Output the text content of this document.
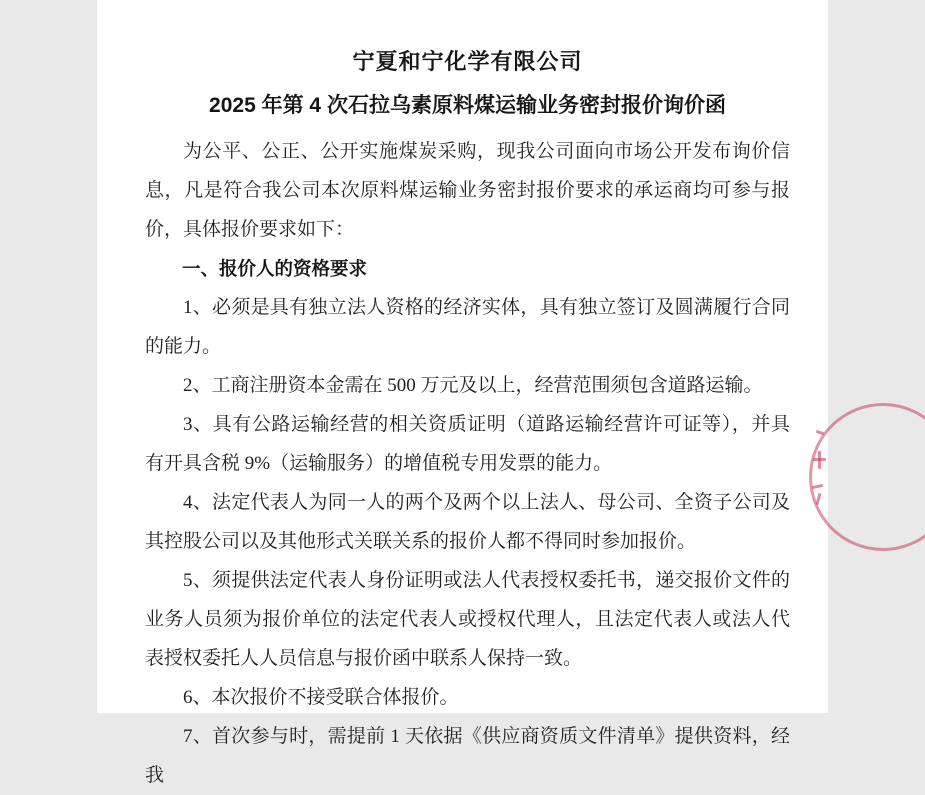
宁夏和宁化学有限公司
2025 年第 4 次石拉乌素原料煤运输业务密封报价询价函

为公平、公正、公开实施煤炭采购，现我公司面向市场公开发布询价信息，凡是符合我公司本次原料煤运输业务密封报价要求的承运商均可参与报价，具体报价要求如下：

一、报价人的资格要求

1、必须是具有独立法人资格的经济实体，具有独立签订及圆满履行合同的能力。

2、工商注册资本金需在 500 万元及以上，经营范围须包含道路运输。

3、具有公路运输经营的相关资质证明（道路运输经营许可证等），并具有开具含税 9%（运输服务）的增值税专用发票的能力。

4、法定代表人为同一人的两个及两个以上法人、母公司、全资子公司及其控股公司以及其他形式关联关系的报价人都不得同时参加报价。

5、须提供法定代表人身份证明或法人代表授权委托书，递交报价文件的业务人员须为报价单位的法定代表人或授权代理人，且法定代表人或法人代表授权委托人人员信息与报价函中联系人保持一致。

6、本次报价不接受联合体报价。

7、首次参与时，需提前 1 天依据《供应商资质文件清单》提供资料，经我
